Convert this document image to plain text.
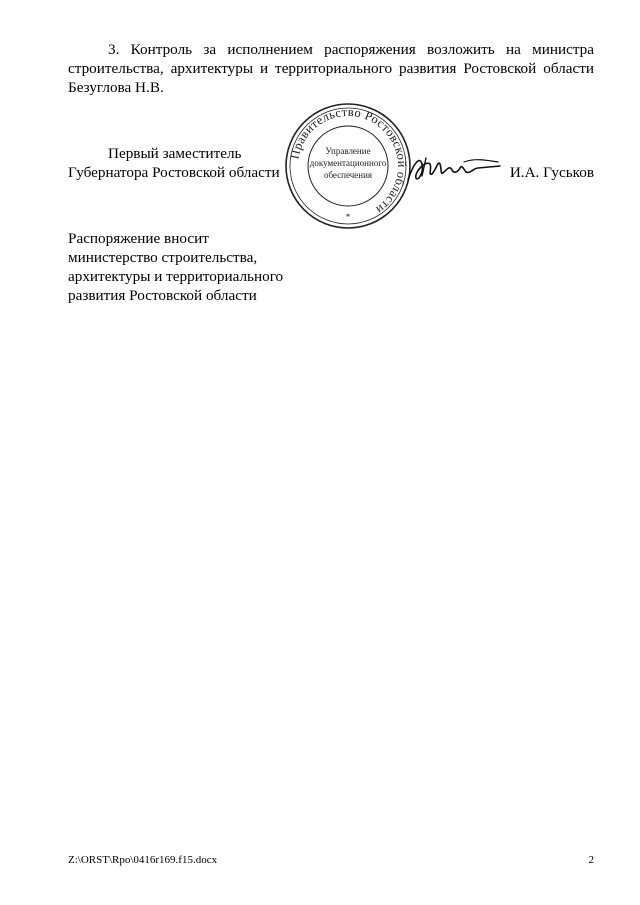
3. Контроль за исполнением распоряжения возложить на министра
строительства, архитектуры и территориального развития Ростовской области
Безуглова Н.В.
Первый заместитель
Губернатора Ростовской области
Правительство Ростовской области
Управление
документационного
обеспечения
*
И.А. Гуськов
Распоряжение вносит
министерство строительства,
архитектуры и территориального
развития Ростовской области
Z:\ORST\Rpo\0416r169.f15.docx	2
